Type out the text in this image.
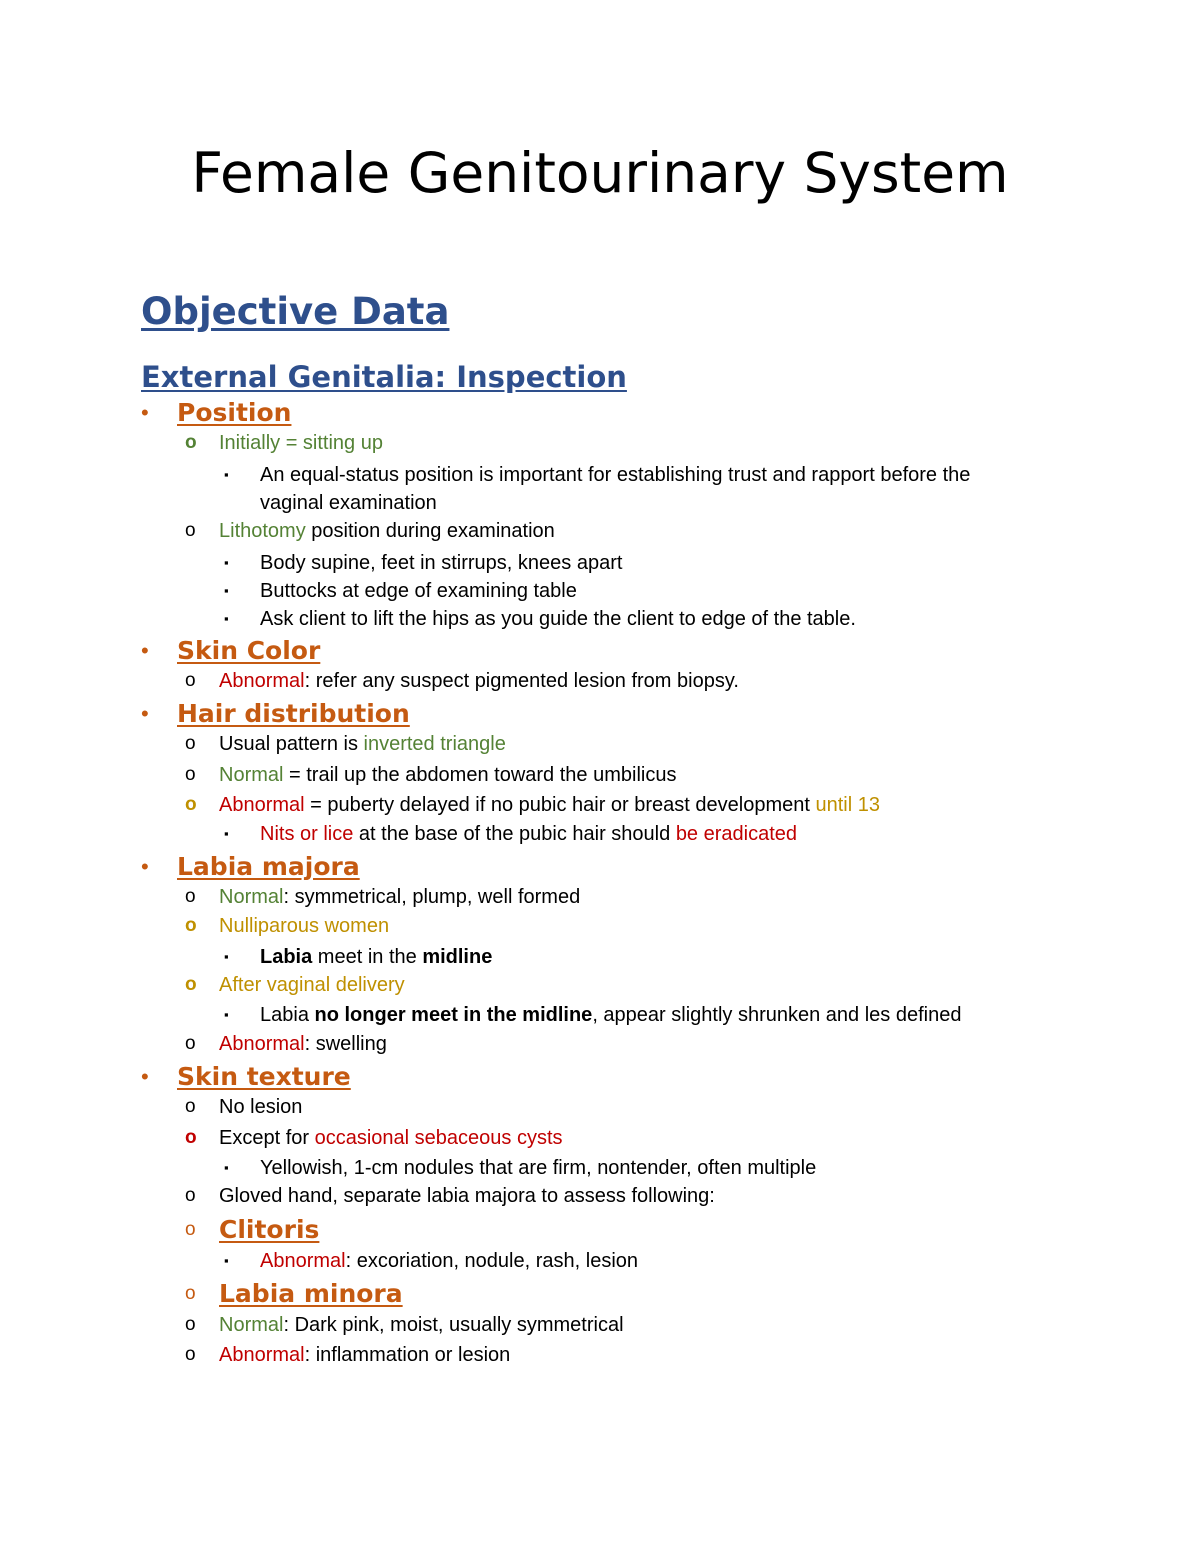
Female Genitourinary System
Objective Data
External Genitalia: Inspection
• Position
o Initially = sitting up
▪ An equal-status position is important for establishing trust and rapport before the
vaginal examination
o Lithotomy position during examination
▪ Body supine, feet in stirrups, knees apart
▪ Buttocks at edge of examining table
▪ Ask client to lift the hips as you guide the client to edge of the table.
• Skin Color
o Abnormal: refer any suspect pigmented lesion from biopsy.
• Hair distribution
o Usual pattern is inverted triangle
o Normal = trail up the abdomen toward the umbilicus
o Abnormal = puberty delayed if no pubic hair or breast development until 13
▪ Nits or lice at the base of the pubic hair should be eradicated
• Labia majora
o Normal: symmetrical, plump, well formed
o Nulliparous women
▪ Labia meet in the midline
o After vaginal delivery
▪ Labia no longer meet in the midline, appear slightly shrunken and les defined
o Abnormal: swelling
• Skin texture
o No lesion
o Except for occasional sebaceous cysts
▪ Yellowish, 1-cm nodules that are firm, nontender, often multiple
o Gloved hand, separate labia majora to assess following:
o Clitoris
▪ Abnormal: excoriation, nodule, rash, lesion
o Labia minora
o Normal: Dark pink, moist, usually symmetrical
o Abnormal: inflammation or lesion
